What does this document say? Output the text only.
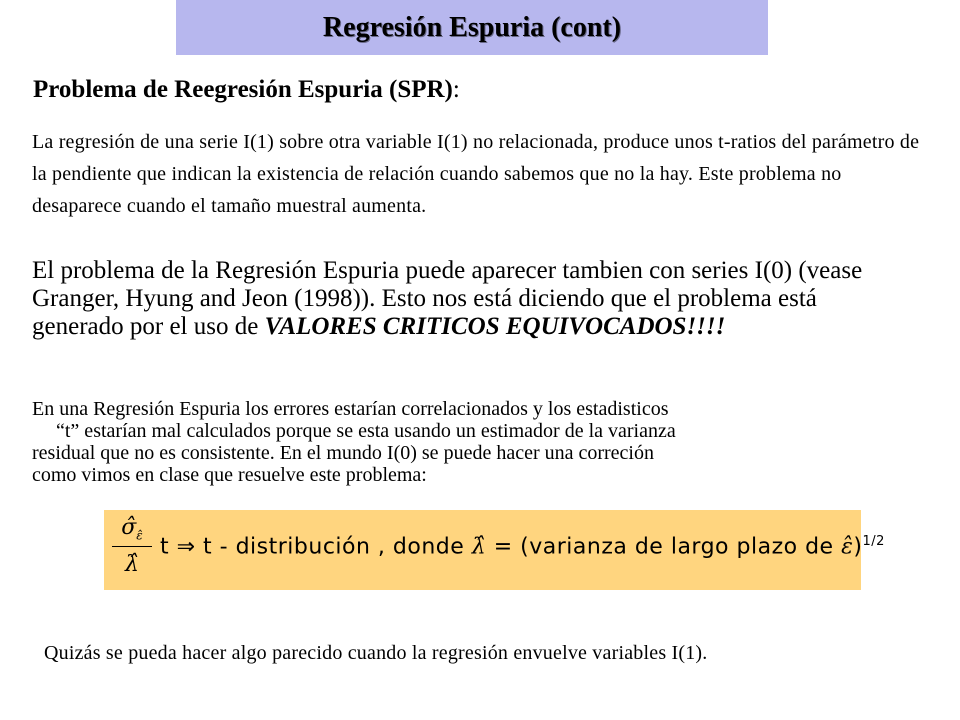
Regresión Espuria (cont)
Problema de Reegresión Espuria (SPR):
La regresión de una serie I(1) sobre otra variable I(1) no relacionada, produce unos t-ratios del parámetro de la pendiente que indican la existencia de relación cuando sabemos que no la hay. Este problema no desaparece cuando el tamaño muestral aumenta.
El problema de la Regresión Espuria puede aparecer tambien con series I(0) (vease Granger, Hyung and Jeon (1998)). Esto nos está diciendo que el problema está generado por el uso de VALORES CRITICOS EQUIVOCADOS!!!!
En una Regresión Espuria los errores estarían correlacionados y los estadisticos
“t” estarían mal calculados porque se esta usando un estimador de la varianza
residual que no es consistente. En el mundo I(0) se puede hacer una correción
como vimos en clase que resuelve este problema:
$\sigmâ_{\varepsilon̂}$
λ̂
t ⇒ t - distribución , donde λ̂ = (varianza de largo plazo de ε̂)$^{1/2}$
Quizás se pueda hacer algo parecido cuando la regresión envuelve variables I(1).
